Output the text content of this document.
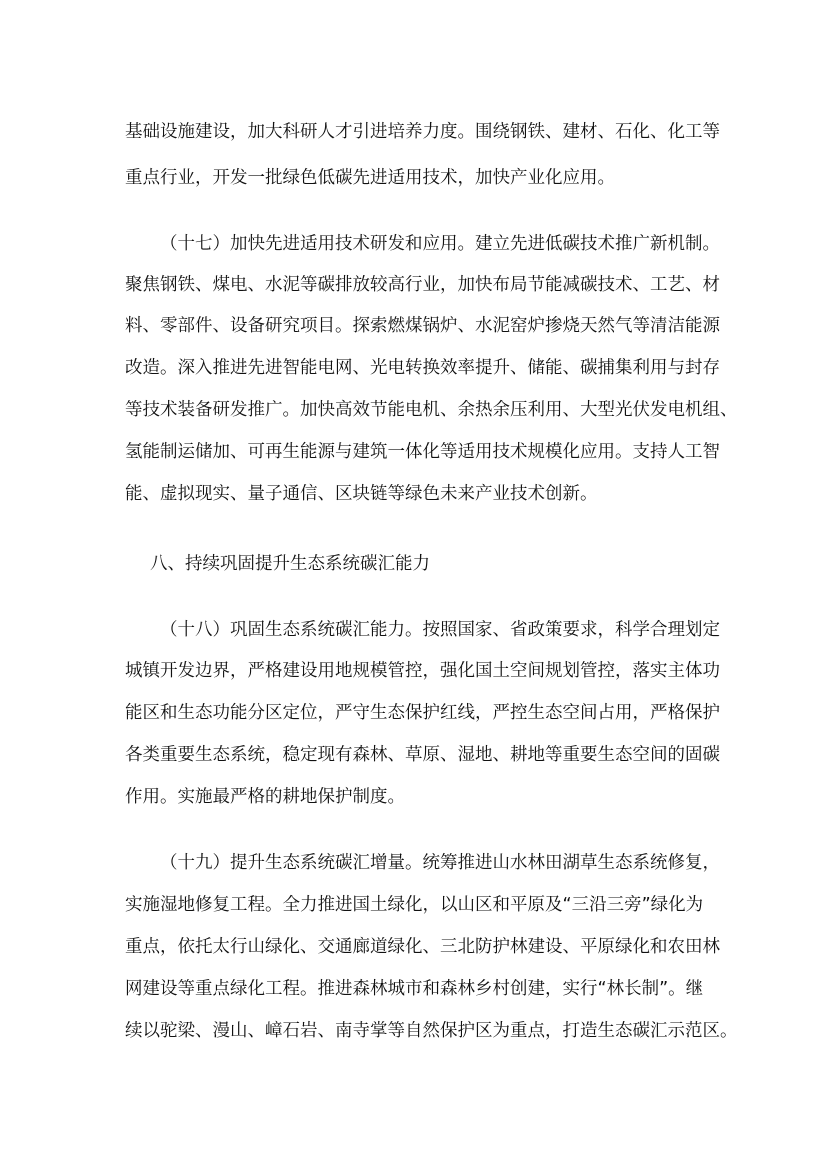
基础设施建设，加大科研人才引进培养力度。围绕钢铁、建材、石化、化工等

重点行业，开发一批绿色低碳先进适用技术，加快产业化应用。

（十七）加快先进适用技术研发和应用。建立先进低碳技术推广新机制。

聚焦钢铁、煤电、水泥等碳排放较高行业，加快布局节能减碳技术、工艺、材

料、零部件、设备研究项目。探索燃煤锅炉、水泥窑炉掺烧天然气等清洁能源

改造。深入推进先进智能电网、光电转换效率提升、储能、碳捕集利用与封存

等技术装备研发推广。加快高效节能电机、余热余压利用、大型光伏发电机组、

氢能制运储加、可再生能源与建筑一体化等适用技术规模化应用。支持人工智

能、虚拟现实、量子通信、区块链等绿色未来产业技术创新。

八、持续巩固提升生态系统碳汇能力

（十八）巩固生态系统碳汇能力。按照国家、省政策要求，科学合理划定

城镇开发边界，严格建设用地规模管控，强化国土空间规划管控，落实主体功

能区和生态功能分区定位，严守生态保护红线，严控生态空间占用，严格保护

各类重要生态系统，稳定现有森林、草原、湿地、耕地等重要生态空间的固碳

作用。实施最严格的耕地保护制度。

（十九）提升生态系统碳汇增量。统筹推进山水林田湖草生态系统修复，

实施湿地修复工程。全力推进国土绿化，以山区和平原及“三沿三旁”绿化为

重点，依托太行山绿化、交通廊道绿化、三北防护林建设、平原绿化和农田林

网建设等重点绿化工程。推进森林城市和森林乡村创建，实行“林长制”。继

续以驼梁、漫山、嶂石岩、南寺掌等自然保护区为重点，打造生态碳汇示范区。
